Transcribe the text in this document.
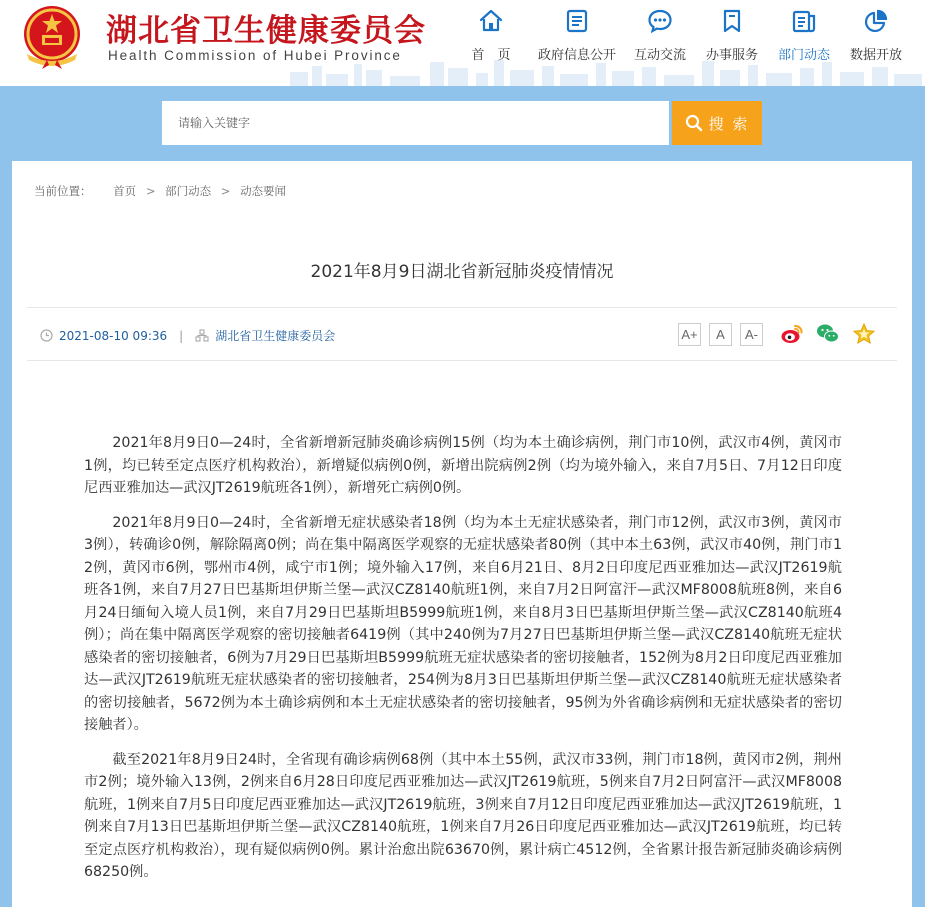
湖北省卫生健康委员会
Health Commission of Hubei Province	首　页	政府信息公开	互动交流	办事服务	部门动态	数据开放
请输入关键字
搜 索
当前位置： 首页 > 部门动态 > 动态要闻
2021年8月9日湖北省新冠肺炎疫情情况
2021-08-10 09:36 |	湖北省卫生健康委员会	A+	A	A-

2021年8月9日0—24时，全省新增新冠肺炎确诊病例15例（均为本土确诊病例，荆门市10例，武汉市4例，黄冈市1例，均已转至定点医疗机构救治），新增疑似病例0例，新增出院病例2例（均为境外输入，来自7月5日、7月12日印度尼西亚雅加达—武汉JT2619航班各1例），新增死亡病例0例。

2021年8月9日0—24时，全省新增无症状感染者18例（均为本土无症状感染者，荆门市12例，武汉市3例，黄冈市3例），转确诊0例，解除隔离0例；尚在集中隔离医学观察的无症状感染者80例（其中本土63例，武汉市40例，荆门市12例，黄冈市6例，鄂州市4例，咸宁市1例；境外输入17例，来自6月21日、8月2日印度尼西亚雅加达—武汉JT2619航班各1例，来自7月27日巴基斯坦伊斯兰堡—武汉CZ8140航班1例，来自7月2日阿富汗—武汉MF8008航班8例，来自6月24日缅甸入境人员1例，来自7月29日巴基斯坦B5999航班1例，来自8月3日巴基斯坦伊斯兰堡—武汉CZ8140航班4例）；尚在集中隔离医学观察的密切接触者6419例（其中240例为7月27日巴基斯坦伊斯兰堡—武汉CZ8140航班无症状感染者的密切接触者，6例为7月29日巴基斯坦B5999航班无症状感染者的密切接触者，152例为8月2日印度尼西亚雅加达—武汉JT2619航班无症状感染者的密切接触者，254例为8月3日巴基斯坦伊斯兰堡—武汉CZ8140航班无症状感染者的密切接触者，5672例为本土确诊病例和本土无症状感染者的密切接触者，95例为外省确诊病例和无症状感染者的密切接触者）。

截至2021年8月9日24时，全省现有确诊病例68例（其中本土55例，武汉市33例，荆门市18例，黄冈市2例，荆州市2例；境外输入13例，2例来自6月28日印度尼西亚雅加达—武汉JT2619航班，5例来自7月2日阿富汗—武汉MF8008航班，1例来自7月5日印度尼西亚雅加达—武汉JT2619航班，3例来自7月12日印度尼西亚雅加达—武汉JT2619航班，1例来自7月13日巴基斯坦伊斯兰堡—武汉CZ8140航班，1例来自7月26日印度尼西亚雅加达—武汉JT2619航班，均已转至定点医疗机构救治），现有疑似病例0例。累计治愈出院63670例，累计病亡4512例，全省累计报告新冠肺炎确诊病例68250例。
